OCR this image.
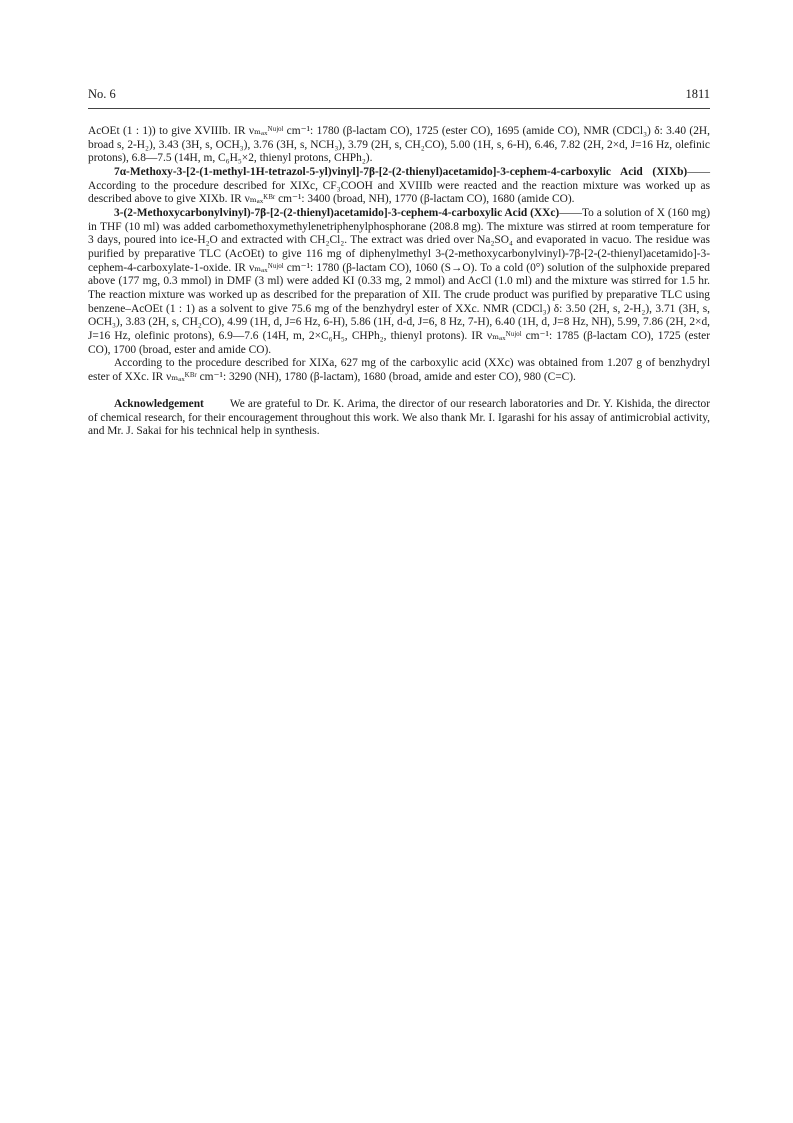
No. 6	1811

AcOEt (1 : 1)) to give XVIIIb. IR νₘₐₓᴺᵘʲᵒˡ cm⁻¹: 1780 (β-lactam CO), 1725 (ester CO), 1695 (amide CO), NMR (CDCl₃) δ: 3.40 (2H, broad s, 2-H₂), 3.43 (3H, s, OCH₃), 3.76 (3H, s, NCH₃), 3.79 (2H, s, CH₂CO), 5.00 (1H, s, 6-H), 6.46, 7.82 (2H, 2×d, J=16 Hz, olefinic protons), 6.8—7.5 (14H, m, C₆H₅×2, thienyl protons, CHPh₂).

7α-Methoxy-3-[2-(1-methyl-1H-tetrazol-5-yl)vinyl]-7β-[2-(2-thienyl)acetamido]-3-cephem-4-carboxylic Acid (XIXb)——According to the procedure described for XIXc, CF₃COOH and XVIIIb were reacted and the reaction mixture was worked up as described above to give XIXb. IR νₘₐₓᴷᴮʳ cm⁻¹: 3400 (broad, NH), 1770 (β-lactam CO), 1680 (amide CO).

3-(2-Methoxycarbonylvinyl)-7β-[2-(2-thienyl)acetamido]-3-cephem-4-carboxylic Acid (XXc)——To a solution of X (160 mg) in THF (10 ml) was added carbomethoxymethylenetriphenylphosphorane (208.8 mg). The mixture was stirred at room temperature for 3 days, poured into ice-H₂O and extracted with CH₂Cl₂. The extract was dried over Na₂SO₄ and evaporated in vacuo. The residue was purified by preparative TLC (AcOEt) to give 116 mg of diphenylmethyl 3-(2-methoxycarbonylvinyl)-7β-[2-(2-thienyl)acetamido]-3-cephem-4-carboxylate-1-oxide. IR νₘₐₓᴺᵘʲᵒˡ cm⁻¹: 1780 (β-lactam CO), 1060 (S→O). To a cold (0°) solution of the sulphoxide prepared above (177 mg, 0.3 mmol) in DMF (3 ml) were added KI (0.33 mg, 2 mmol) and AcCl (1.0 ml) and the mixture was stirred for 1.5 hr. The reaction mixture was worked up as described for the preparation of XII. The crude product was purified by preparative TLC using benzene–AcOEt (1 : 1) as a solvent to give 75.6 mg of the benzhydryl ester of XXc. NMR (CDCl₃) δ: 3.50 (2H, s, 2-H₂), 3.71 (3H, s, OCH₃), 3.83 (2H, s, CH₂CO), 4.99 (1H, d, J=6 Hz, 6-H), 5.86 (1H, d-d, J=6, 8 Hz, 7-H), 6.40 (1H, d, J=8 Hz, NH), 5.99, 7.86 (2H, 2×d, J=16 Hz, olefinic protons), 6.9—7.6 (14H, m, 2×C₆H₅, CHPh₂, thienyl protons). IR νₘₐₓᴺᵘʲᵒˡ cm⁻¹: 1785 (β-lactam CO), 1725 (ester CO), 1700 (broad, ester and amide CO).

According to the procedure described for XIXa, 627 mg of the carboxylic acid (XXc) was obtained from 1.207 g of benzhydryl ester of XXc. IR νₘₐₓᴷᴮʳ cm⁻¹: 3290 (NH), 1780 (β-lactam), 1680 (broad, amide and ester CO), 980 (C=C).

Acknowledgement We are grateful to Dr. K. Arima, the director of our research laboratories and Dr. Y. Kishida, the director of chemical research, for their encouragement throughout this work. We also thank Mr. I. Igarashi for his assay of antimicrobial activity, and Mr. J. Sakai for his technical help in synthesis.
